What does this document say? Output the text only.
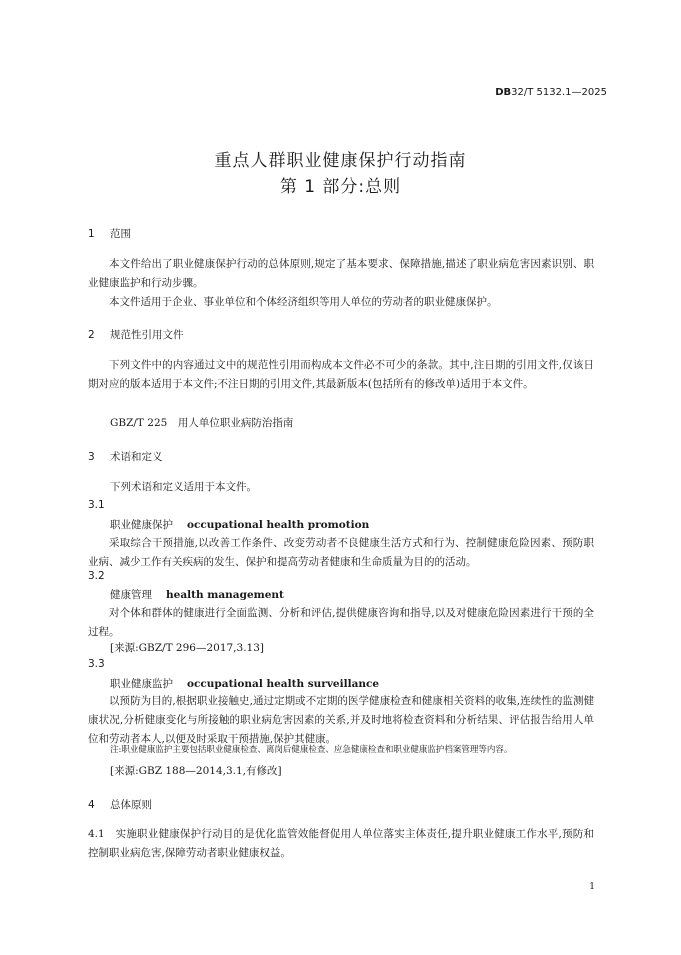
DB32/T 5132.1—2025
重点人群职业健康保护行动指南
第 1 部分:总则
1 范围
本文件给出了职业健康保护行动的总体原则,规定了基本要求、保障措施,描述了职业病危害因素识别、职业健康监护和行动步骤。
本文件适用于企业、事业单位和个体经济组织等用人单位的劳动者的职业健康保护。
2 规范性引用文件
下列文件中的内容通过文中的规范性引用而构成本文件必不可少的条款。其中,注日期的引用文件,仅该日期对应的版本适用于本文件;不注日期的引用文件,其最新版本(包括所有的修改单)适用于本文件。
GBZ/T 225　用人单位职业病防治指南
3 术语和定义
下列术语和定义适用于本文件。
3.1
职业健康保护 occupational health promotion
采取综合干预措施,以改善工作条件、改变劳动者不良健康生活方式和行为、控制健康危险因素、预防职业病、减少工作有关疾病的发生、保护和提高劳动者健康和生命质量为目的的活动。
3.2
健康管理 health management
对个体和群体的健康进行全面监测、分析和评估,提供健康咨询和指导,以及对健康危险因素进行干预的全过程。
[来源:GBZ/T 296—2017,3.13]
3.3
职业健康监护 occupational health surveillance
以预防为目的,根据职业接触史,通过定期或不定期的医学健康检查和健康相关资料的收集,连续性的监测健康状况,分析健康变化与所接触的职业病危害因素的关系,并及时地将检查资料和分析结果、评估报告给用人单位和劳动者本人,以便及时采取干预措施,保护其健康。
注:职业健康监护主要包括职业健康检查、离岗后健康检查、应急健康检查和职业健康监护档案管理等内容。
[来源:GBZ 188—2014,3.1,有修改]
4 总体原则
4.1　实施职业健康保护行动目的是优化监管效能督促用人单位落实主体责任,提升职业健康工作水平,预防和控制职业病危害,保障劳动者职业健康权益。
1
